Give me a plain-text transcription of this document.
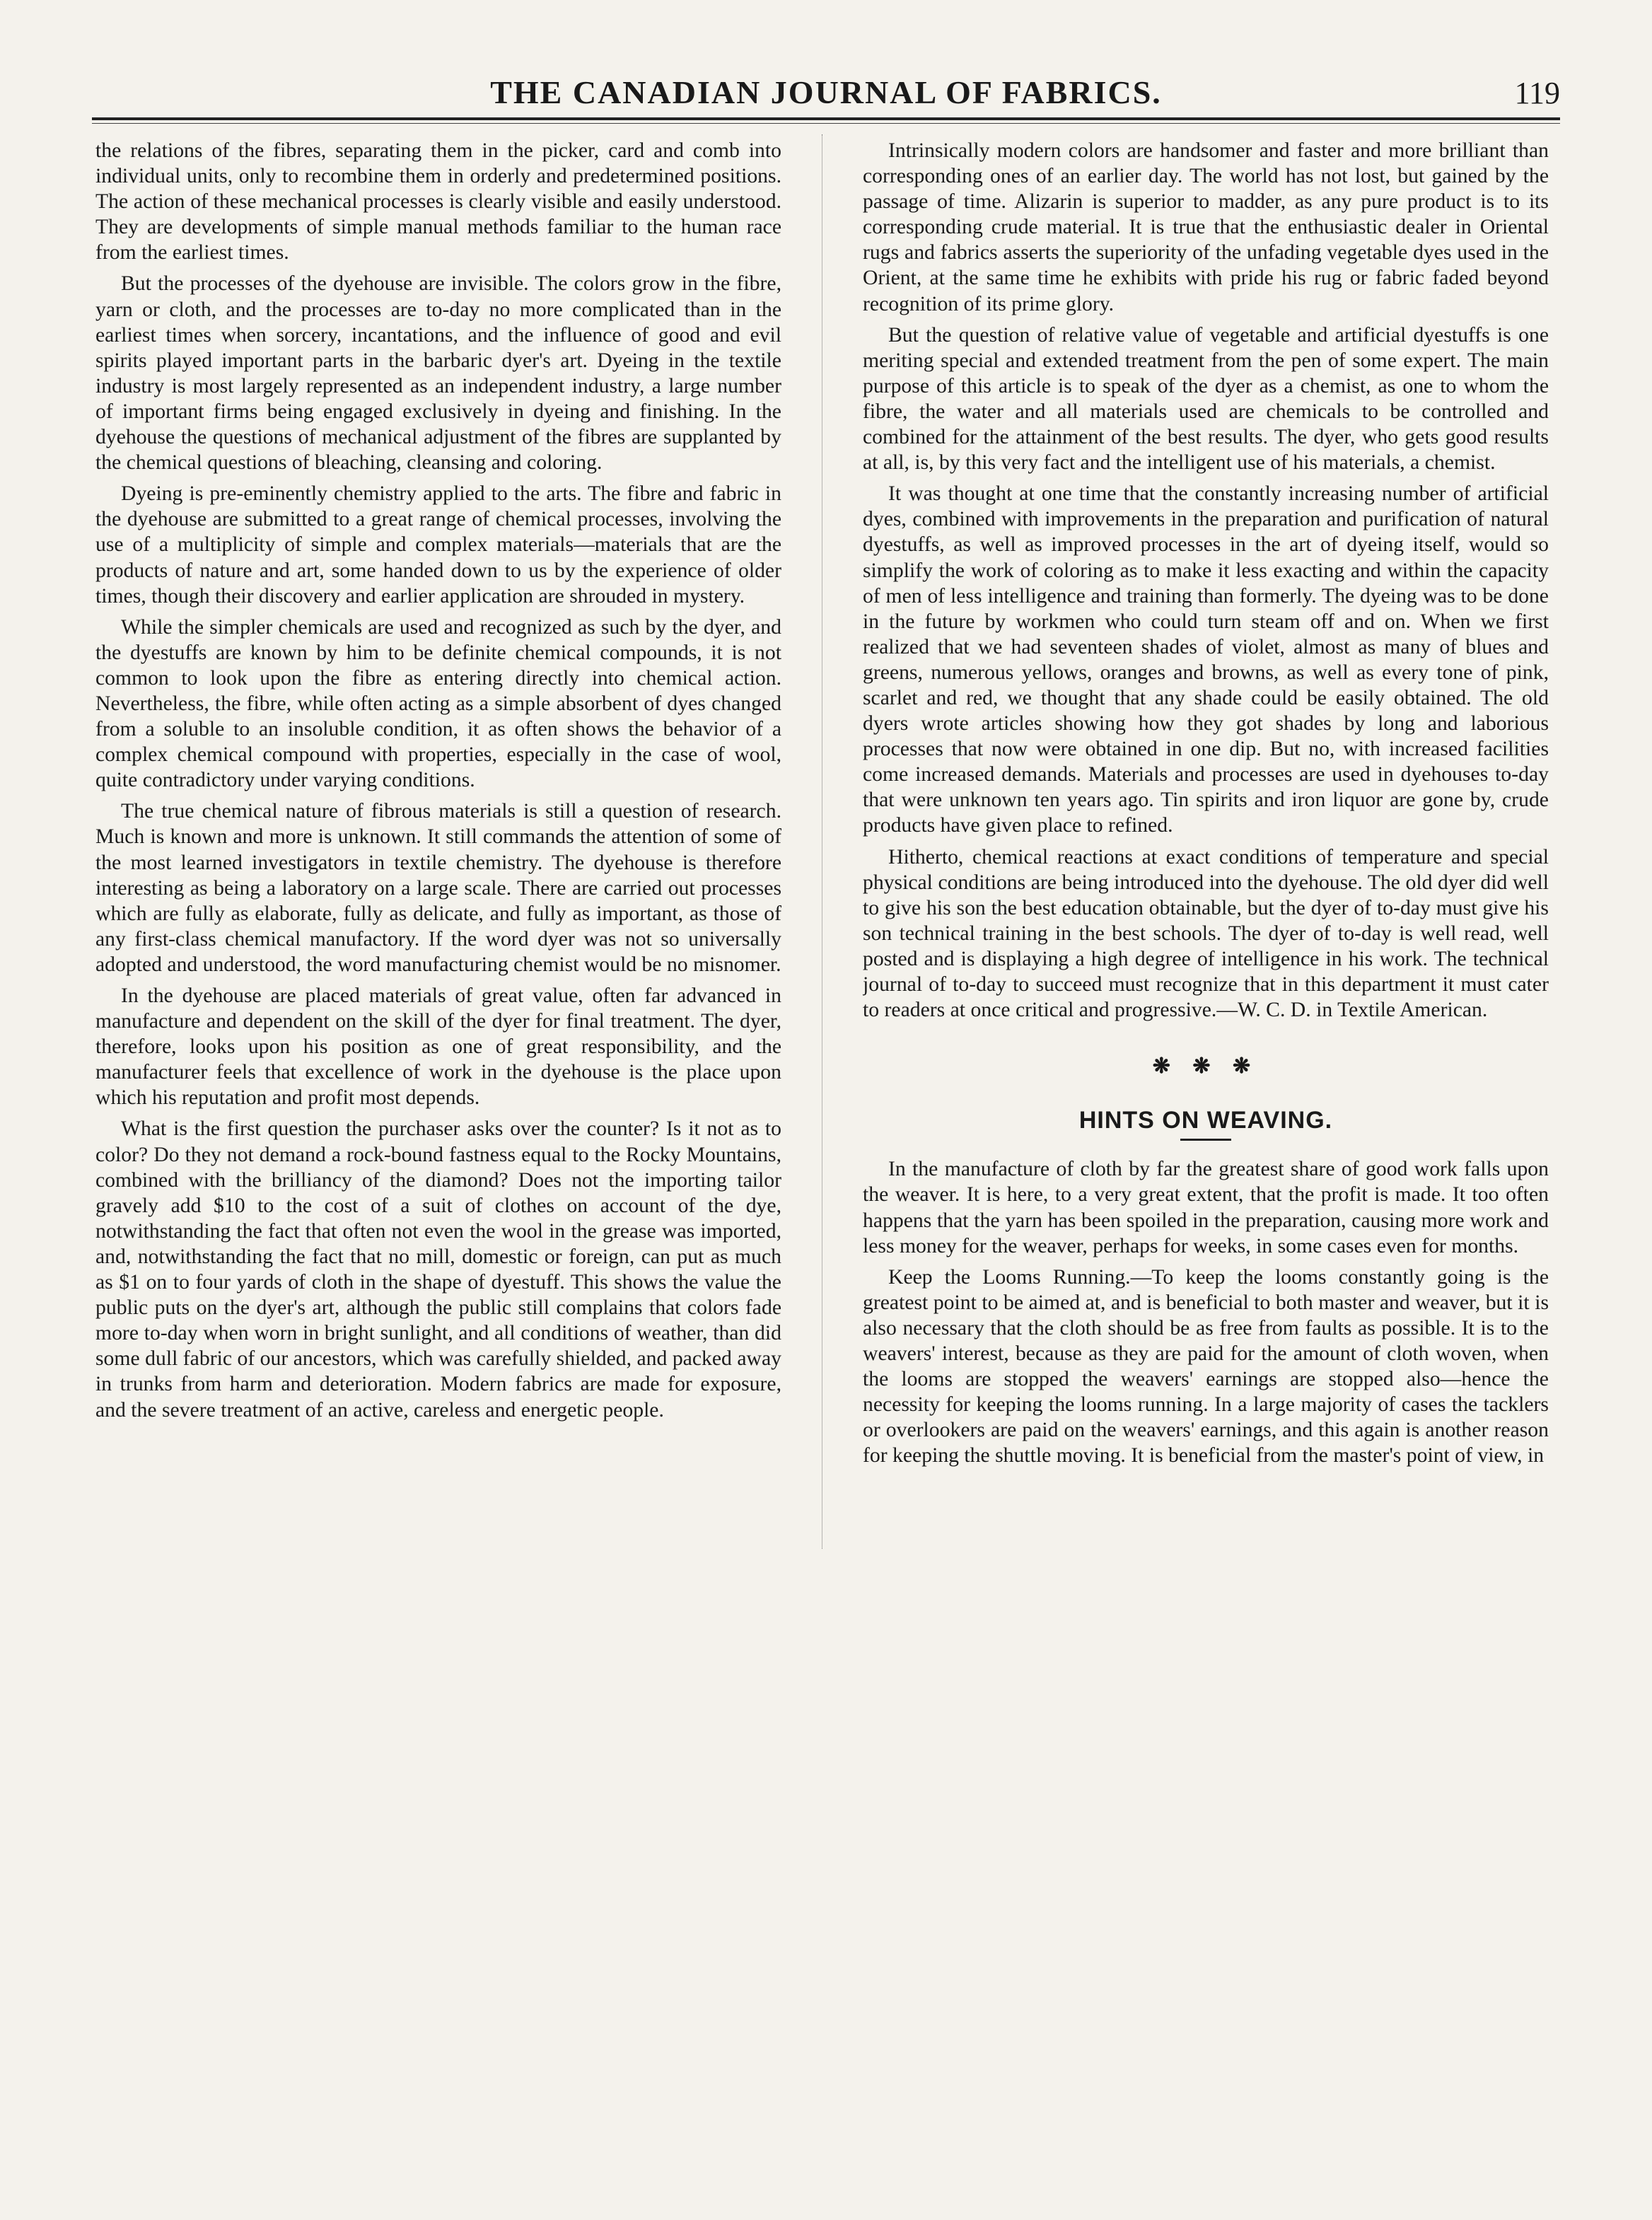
THE CANADIAN JOURNAL OF FABRICS.	119

the relations of the fibres, separating them in the picker, card and comb into individual units, only to recombine them in orderly and predetermined positions. The action of these mechanical processes is clearly visible and easily understood. They are developments of simple manual methods familiar to the human race from the earliest times.

But the processes of the dyehouse are invisible. The colors grow in the fibre, yarn or cloth, and the processes are to-day no more complicated than in the earliest times when sorcery, incantations, and the influence of good and evil spirits played important parts in the barbaric dyer's art. Dyeing in the textile industry is most largely represented as an independent industry, a large number of important firms being engaged exclusively in dyeing and finishing. In the dyehouse the questions of mechanical adjustment of the fibres are supplanted by the chemical questions of bleaching, cleansing and coloring.

Dyeing is pre-eminently chemistry applied to the arts. The fibre and fabric in the dyehouse are submitted to a great range of chemical processes, involving the use of a multiplicity of simple and complex materials—materials that are the products of nature and art, some handed down to us by the experience of older times, though their discovery and earlier application are shrouded in mystery.

While the simpler chemicals are used and recognized as such by the dyer, and the dyestuffs are known by him to be definite chemical compounds, it is not common to look upon the fibre as entering directly into chemical action. Nevertheless, the fibre, while often acting as a simple absorbent of dyes changed from a soluble to an insoluble condition, it as often shows the behavior of a complex chemical compound with properties, especially in the case of wool, quite contradictory under varying conditions.

The true chemical nature of fibrous materials is still a question of research. Much is known and more is unknown. It still commands the attention of some of the most learned investigators in textile chemistry. The dyehouse is therefore interesting as being a laboratory on a large scale. There are carried out processes which are fully as elaborate, fully as delicate, and fully as important, as those of any first-class chemical manufactory. If the word dyer was not so universally adopted and understood, the word manufacturing chemist would be no misnomer.

In the dyehouse are placed materials of great value, often far advanced in manufacture and dependent on the skill of the dyer for final treatment. The dyer, therefore, looks upon his position as one of great responsibility, and the manufacturer feels that excellence of work in the dyehouse is the place upon which his reputation and profit most depends.

What is the first question the purchaser asks over the counter? Is it not as to color? Do they not demand a rock-bound fastness equal to the Rocky Mountains, combined with the brilliancy of the diamond? Does not the importing tailor gravely add $10 to the cost of a suit of clothes on account of the dye, notwithstanding the fact that often not even the wool in the grease was imported, and, notwithstanding the fact that no mill, domestic or foreign, can put as much as $1 on to four yards of cloth in the shape of dyestuff. This shows the value the public puts on the dyer's art, although the public still complains that colors fade more to-day when worn in bright sunlight, and all conditions of weather, than did some dull fabric of our ancestors, which was carefully shielded, and packed away in trunks from harm and deterioration. Modern fabrics are made for exposure, and the severe treatment of an active, careless and energetic people.

Intrinsically modern colors are handsomer and faster and more brilliant than corresponding ones of an earlier day. The world has not lost, but gained by the passage of time. Alizarin is superior to madder, as any pure product is to its corresponding crude material. It is true that the enthusiastic dealer in Oriental rugs and fabrics asserts the superiority of the unfading vegetable dyes used in the Orient, at the same time he exhibits with pride his rug or fabric faded beyond recognition of its prime glory.

But the question of relative value of vegetable and artificial dyestuffs is one meriting special and extended treatment from the pen of some expert. The main purpose of this article is to speak of the dyer as a chemist, as one to whom the fibre, the water and all materials used are chemicals to be controlled and combined for the attainment of the best results. The dyer, who gets good results at all, is, by this very fact and the intelligent use of his materials, a chemist.

It was thought at one time that the constantly increasing number of artificial dyes, combined with improvements in the preparation and purification of natural dyestuffs, as well as improved processes in the art of dyeing itself, would so simplify the work of coloring as to make it less exacting and within the capacity of men of less intelligence and training than formerly. The dyeing was to be done in the future by workmen who could turn steam off and on. When we first realized that we had seventeen shades of violet, almost as many of blues and greens, numerous yellows, oranges and browns, as well as every tone of pink, scarlet and red, we thought that any shade could be easily obtained. The old dyers wrote articles showing how they got shades by long and laborious processes that now were obtained in one dip. But no, with increased facilities come increased demands. Materials and processes are used in dyehouses to-day that were unknown ten years ago. Tin spirits and iron liquor are gone by, crude products have given place to refined.

Hitherto, chemical reactions at exact conditions of temperature and special physical conditions are being introduced into the dyehouse. The old dyer did well to give his son the best education obtainable, but the dyer of to-day must give his son technical training in the best schools. The dyer of to-day is well read, well posted and is displaying a high degree of intelligence in his work. The technical journal of to-day to succeed must recognize that in this department it must cater to readers at once critical and progressive.—W. C. D. in Textile American.

❋ ❋ ❋
HINTS ON WEAVING.

In the manufacture of cloth by far the greatest share of good work falls upon the weaver. It is here, to a very great extent, that the profit is made. It too often happens that the yarn has been spoiled in the preparation, causing more work and less money for the weaver, perhaps for weeks, in some cases even for months.

Keep the Looms Running.—To keep the looms constantly going is the greatest point to be aimed at, and is beneficial to both master and weaver, but it is also necessary that the cloth should be as free from faults as possible. It is to the weavers' interest, because as they are paid for the amount of cloth woven, when the looms are stopped the weavers' earnings are stopped also—hence the necessity for keeping the looms running. In a large majority of cases the tacklers or overlookers are paid on the weavers' earnings, and this again is another reason for keeping the shuttle moving. It is beneficial from the master's point of view, in
